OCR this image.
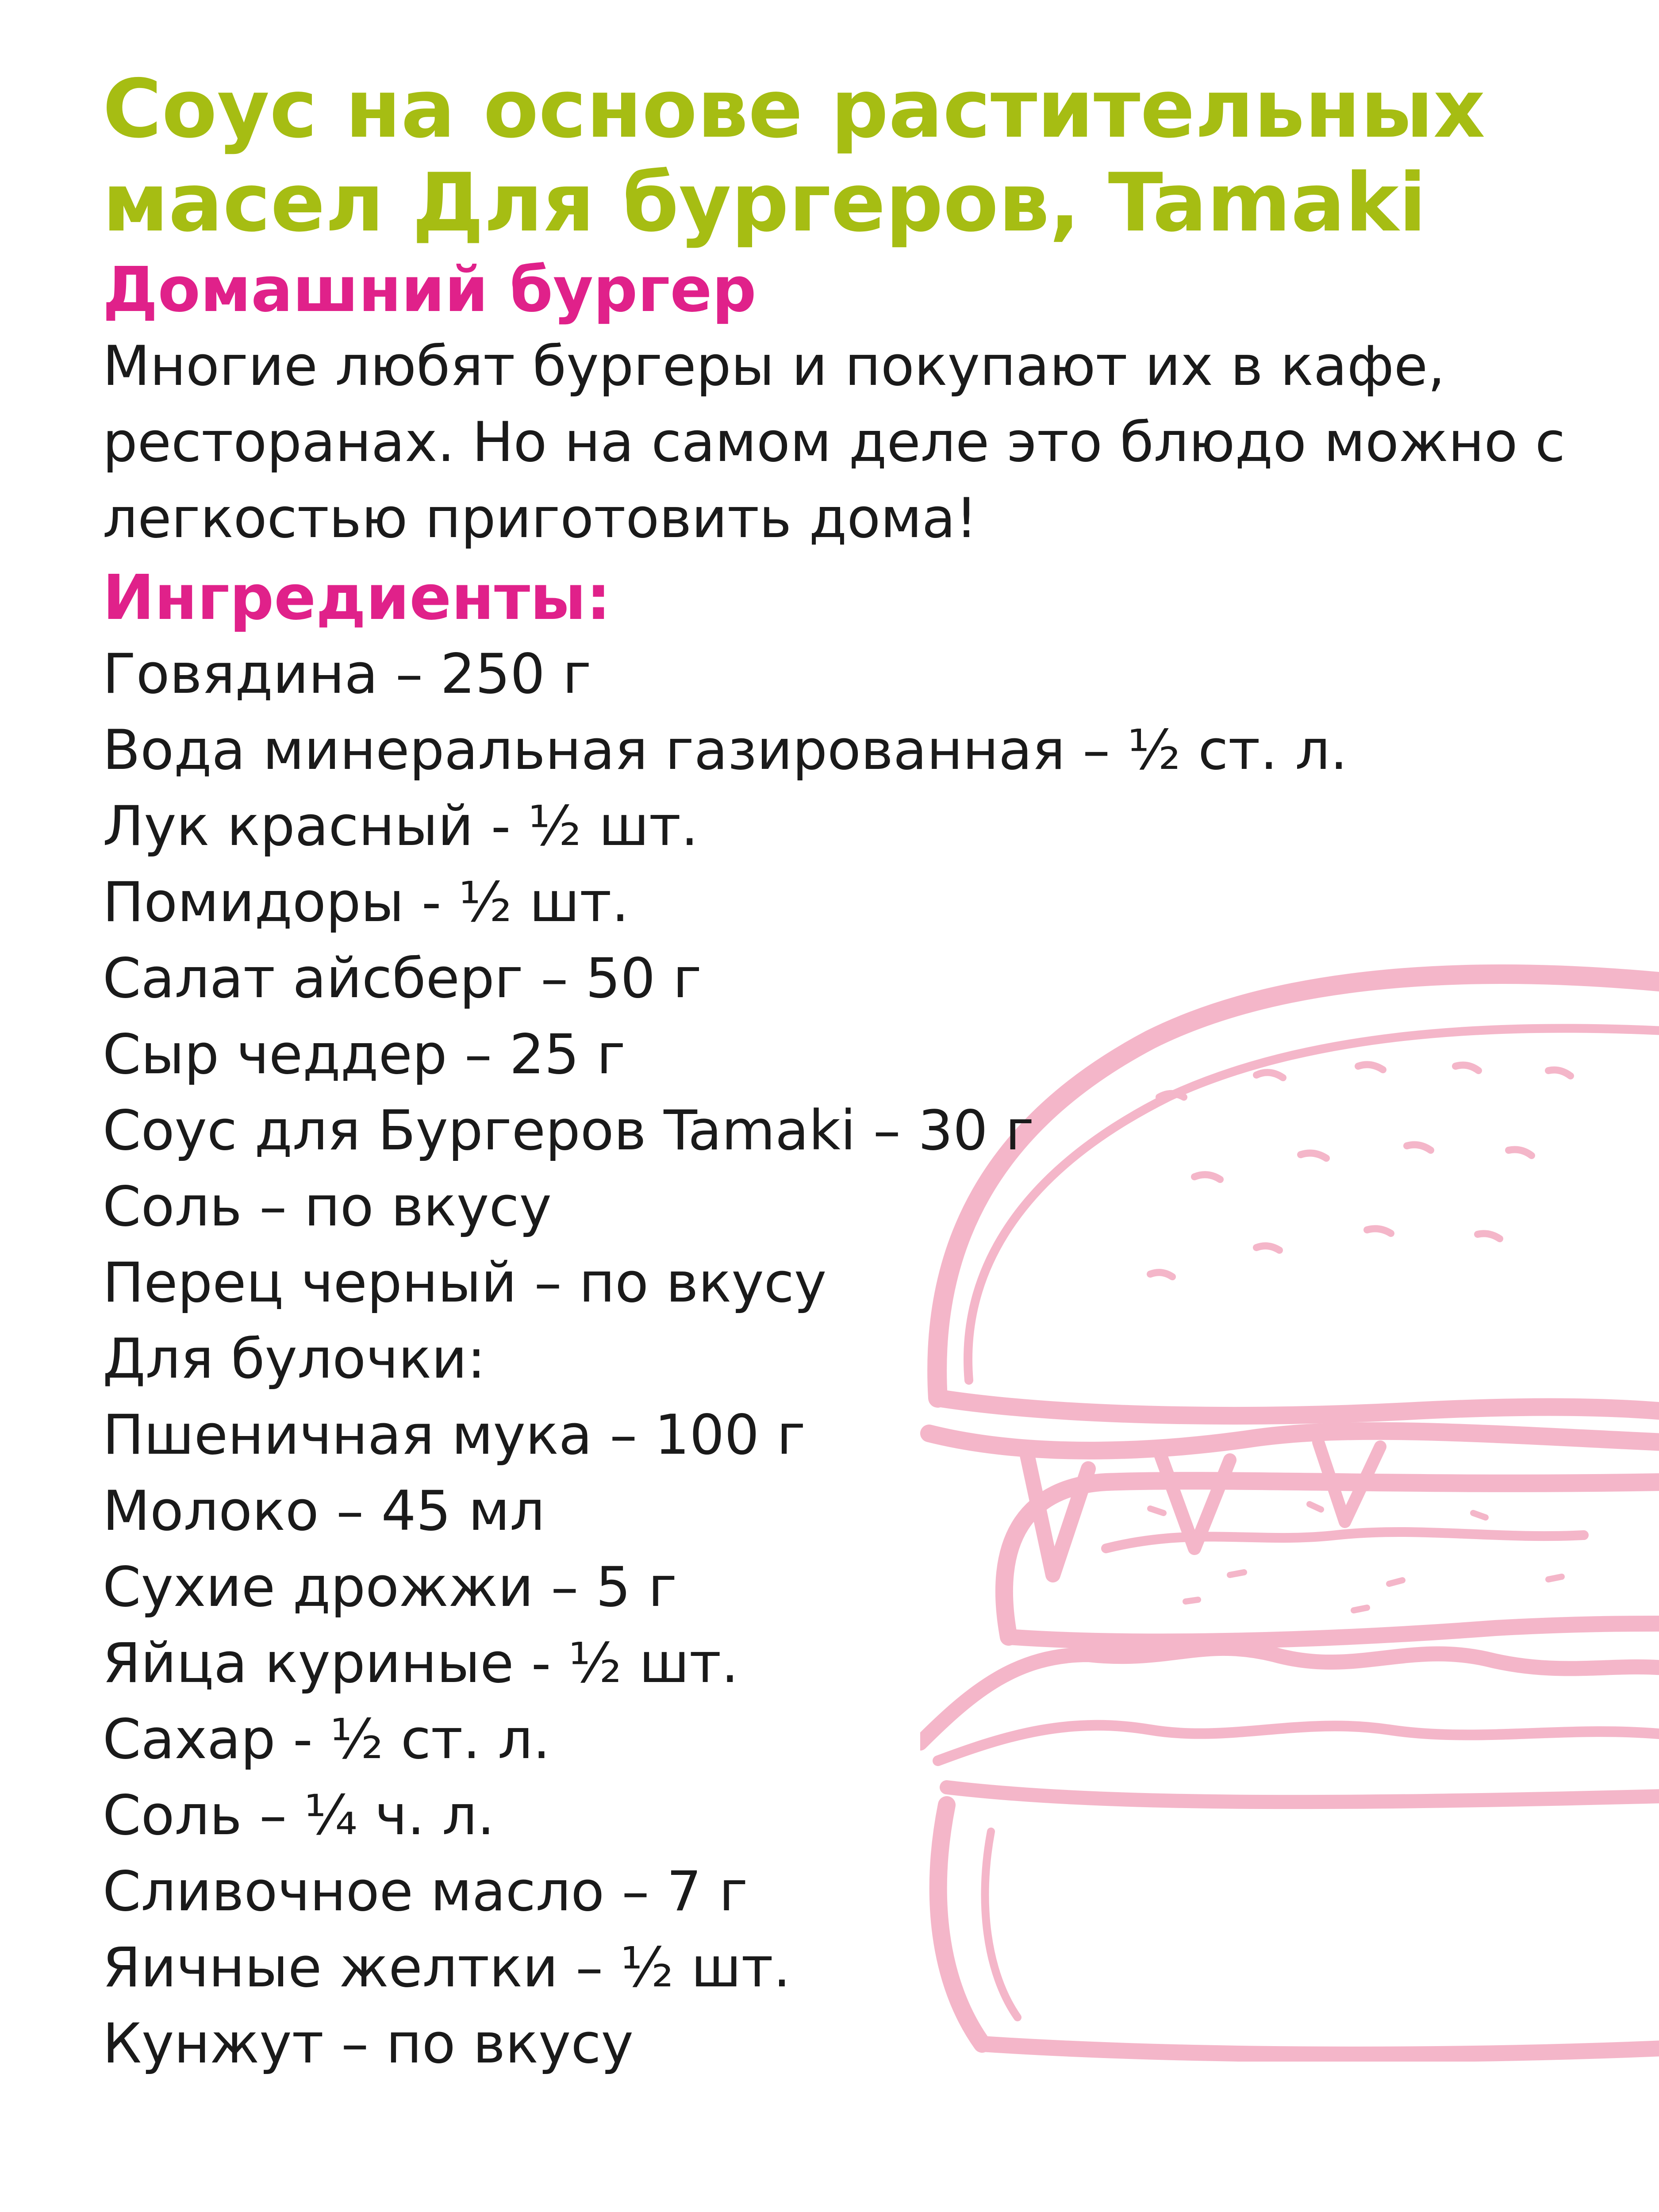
Соус на основе растительных масел Для бургеров, Tamaki
Домашний бургер

Многие любят бургеры и покупают их в кафе, ресторанах. Но на самом деле это блюдо можно с легкостью приготовить дома!

Ингредиенты:
Говядина – 250 г
Вода минеральная газированная – ½ ст. л.
Лук красный - ½ шт.
Помидоры - ½ шт.
Салат айсберг – 50 г
Сыр чеддер – 25 г
Соус для Бургеров Tamaki – 30 г
Соль – по вкусу
Перец черный – по вкусу
Для булочки:
Пшеничная мука – 100 г
Молоко – 45 мл
Сухие дрожжи – 5 г
Яйца куриные - ½ шт.
Сахар - ½ ст. л.
Соль – ¼ ч. л.
Сливочное масло – 7 г
Яичные желтки – ½ шт.
Кунжут – по вкусу
